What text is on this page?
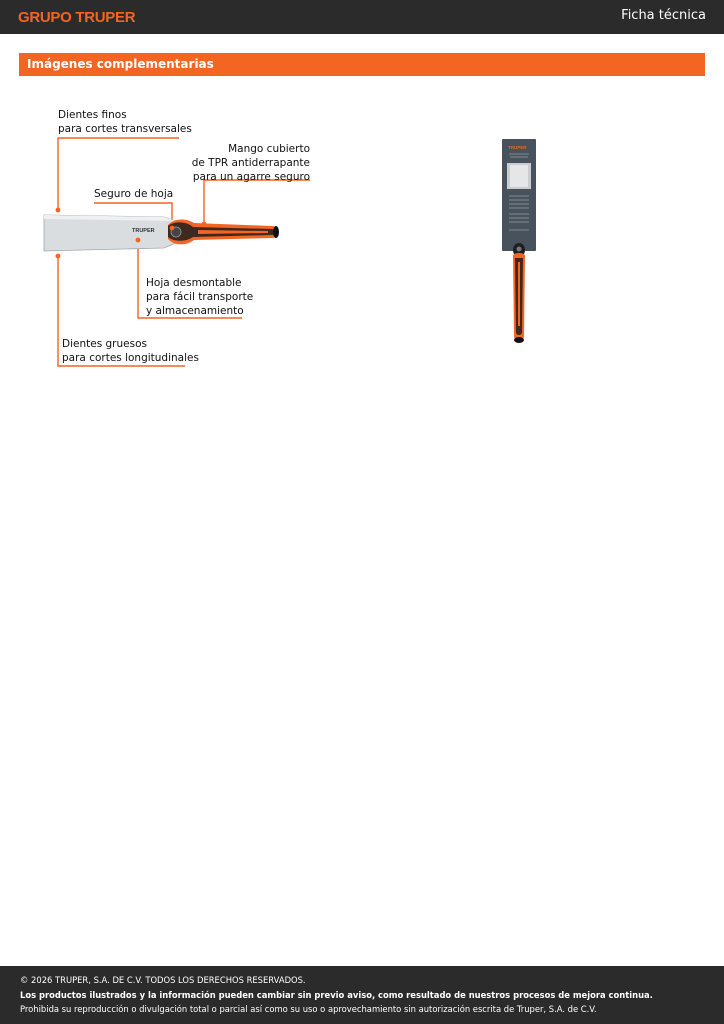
GRUPO TRUPER	Ficha técnica
Imágenes complementarias
TRUPER
Dientes finos
para cortes transversales
Mango cubierto
de TPR antiderrapante
para un agarre seguro
Seguro de hoja
Hoja desmontable
para fácil transporte
y almacenamiento
Dientes gruesos
para cortes longitudinales
TRUPER

© 2026 TRUPER, S.A. DE C.V. TODOS LOS DERECHOS RESERVADOS.

Los productos ilustrados y la información pueden cambiar sin previo aviso, como resultado de nuestros procesos de mejora continua.

Prohibida su reproducción o divulgación total o parcial así como su uso o aprovechamiento sin autorización escrita de Truper, S.A. de C.V.
